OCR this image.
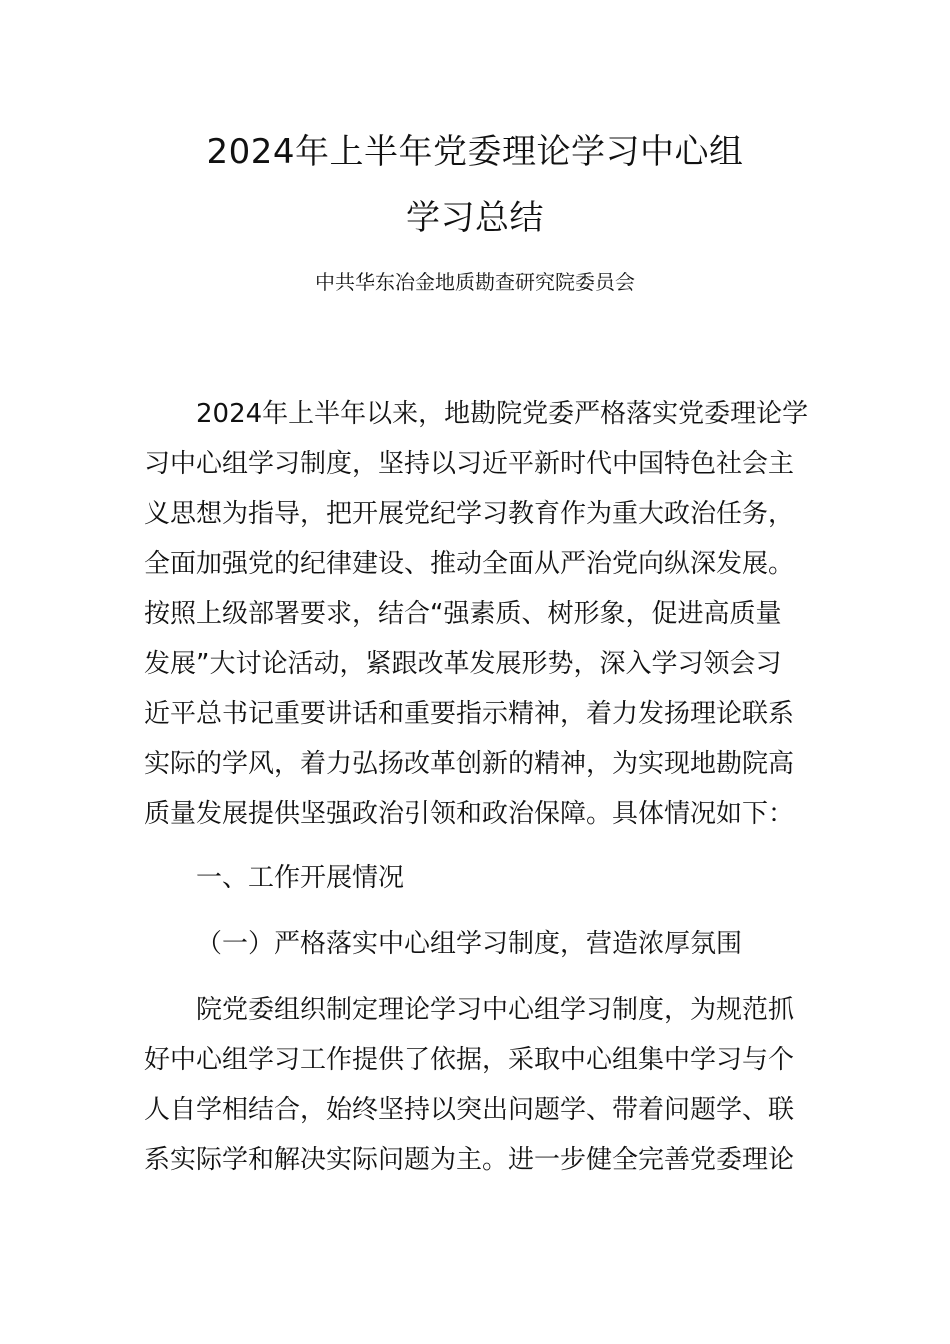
2024年上半年党委理论学习中心组
学习总结
中共华东冶金地质勘查研究院委员会
2024年上半年以来，地勘院党委严格落实党委理论学
习中心组学习制度，坚持以习近平新时代中国特色社会主
义思想为指导，把开展党纪学习教育作为重大政治任务，
全面加强党的纪律建设、推动全面从严治党向纵深发展。
按照上级部署要求，结合“强素质、树形象，促进高质量
发展”大讨论活动，紧跟改革发展形势，深入学习领会习
近平总书记重要讲话和重要指示精神，着力发扬理论联系
实际的学风，着力弘扬改革创新的精神，为实现地勘院高
质量发展提供坚强政治引领和政治保障。具体情况如下：
一、工作开展情况
（一）严格落实中心组学习制度，营造浓厚氛围
院党委组织制定理论学习中心组学习制度，为规范抓
好中心组学习工作提供了依据，采取中心组集中学习与个
人自学相结合，始终坚持以突出问题学、带着问题学、联
系实际学和解决实际问题为主。进一步健全完善党委理论
